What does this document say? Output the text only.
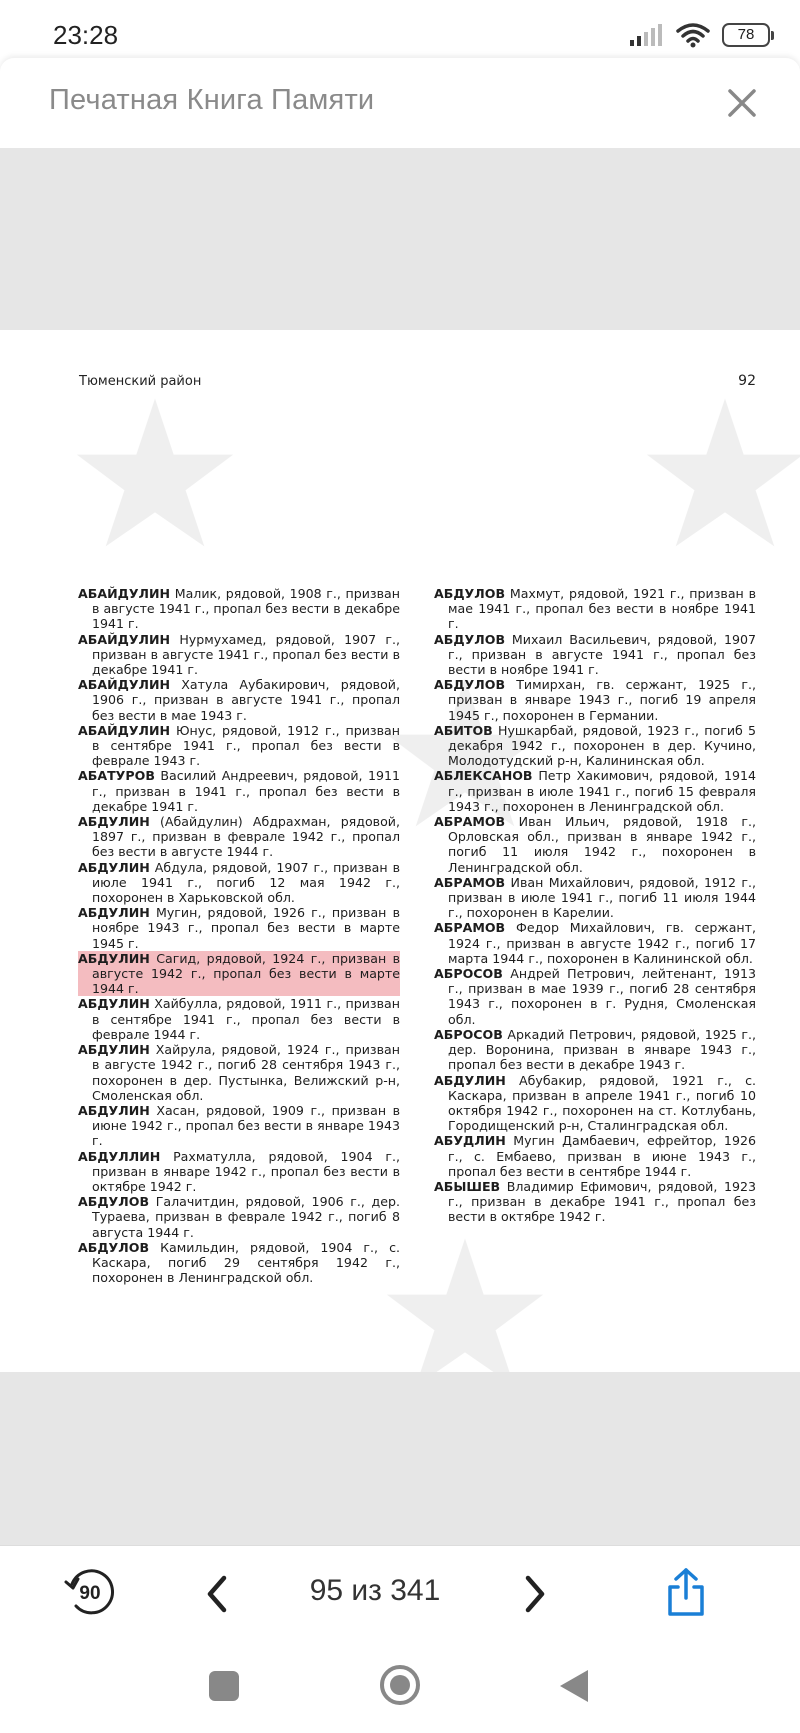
23:28	78
Печатная Книга Памяти
Тюменский район	92
АБАЙДУЛИН Малик, рядовой, 1908 г., призван в августе 1941 г., пропал без вести в декабре 1941 г.
АБАЙДУЛИН Нурмухамед, рядовой, 1907 г., призван в августе 1941 г., пропал без вести в декабре 1941 г.
АБАЙДУЛИН Хатула Аубакирович, рядовой, 1906 г., призван в августе 1941 г., пропал без вести в мае 1943 г.
АБАЙДУЛИН Юнус, рядовой, 1912 г., призван в сентябре 1941 г., пропал без вести в феврале 1943 г.
АБАТУРОВ Василий Андреевич, рядовой, 1911 г., призван в 1941 г., пропал без вести в декабре 1941 г.
АБДУЛИН (Абайдулин) Абдрахман, рядовой, 1897 г., призван в феврале 1942 г., пропал без вести в августе 1944 г.
АБДУЛИН Абдула, рядовой, 1907 г., призван в июле 1941 г., погиб 12 мая 1942 г., похоронен в Харьковской обл.
АБДУЛИН Мугин, рядовой, 1926 г., призван в ноябре 1943 г., пропал без вести в марте 1945 г.
АБДУЛИН Сагид, рядовой, 1924 г., призван в августе 1942 г., пропал без вести в марте 1944 г.
АБДУЛИН Хайбулла, рядовой, 1911 г., призван в сентябре 1941 г., пропал без вести в феврале 1944 г.
АБДУЛИН Хайрула, рядовой, 1924 г., призван в августе 1942 г., погиб 28 сентября 1943 г., похоронен в дер. Пустынка, Велижский р-н, Смоленская обл.
АБДУЛИН Хасан, рядовой, 1909 г., призван в июне 1942 г., пропал без вести в январе 1943 г.
АБДУЛЛИН Рахматулла, рядовой, 1904 г., призван в январе 1942 г., пропал без вести в октябре 1942 г.
АБДУЛОВ Галачитдин, рядовой, 1906 г., дер. Тураева, призван в феврале 1942 г., погиб 8 августа 1944 г.
АБДУЛОВ Камильдин, рядовой, 1904 г., с. Каскара, погиб 29 сентября 1942 г., похоронен в Ленинградской обл.
АБДУЛОВ Махмут, рядовой, 1921 г., призван в мае 1941 г., пропал без вести в ноябре 1941 г.
АБДУЛОВ Михаил Васильевич, рядовой, 1907 г., призван в августе 1941 г., пропал без вести в ноябре 1941 г.
АБДУЛОВ Тимирхан, гв. сержант, 1925 г., призван в январе 1943 г., погиб 19 апреля 1945 г., похоронен в Германии.
АБИТОВ Нушкарбай, рядовой, 1923 г., погиб 5 декабря 1942 г., похоронен в дер. Кучино, Молодотудский р-н, Калининская обл.
АБЛЕКСАНОВ Петр Хакимович, рядовой, 1914 г., призван в июле 1941 г., погиб 15 февраля 1943 г., похоронен в Ленинградской обл.
АБРАМОВ Иван Ильич, рядовой, 1918 г., Орловская обл., призван в январе 1942 г., погиб 11 июля 1942 г., похоронен в Ленинградской обл.
АБРАМОВ Иван Михайлович, рядовой, 1912 г., призван в июле 1941 г., погиб 11 июля 1944 г., похоронен в Карелии.
АБРАМОВ Федор Михайлович, гв. сержант, 1924 г., призван в августе 1942 г., погиб 17 марта 1944 г., похоронен в Калининской обл.
АБРОСОВ Андрей Петрович, лейтенант, 1913 г., призван в мае 1939 г., погиб 28 сентября 1943 г., похоронен в г. Рудня, Смоленская обл.
АБРОСОВ Аркадий Петрович, рядовой, 1925 г., дер. Воронина, призван в январе 1943 г., пропал без вести в декабре 1943 г.
АБДУЛИН Абубакир, рядовой, 1921 г., с. Каскара, призван в апреле 1941 г., погиб 10 октября 1942 г., похоронен на ст. Котлубань, Городищенский р-н, Сталинградская обл.
АБУДЛИН Мугин Дамбаевич, ефрейтор, 1926 г., с. Ембаево, призван в июне 1943 г., пропал без вести в сентябре 1944 г.
АБЫШЕВ Владимир Ефимович, рядовой, 1923 г., призван в декабре 1941 г., пропал без вести в октябре 1942 г.
90	95 из 341
